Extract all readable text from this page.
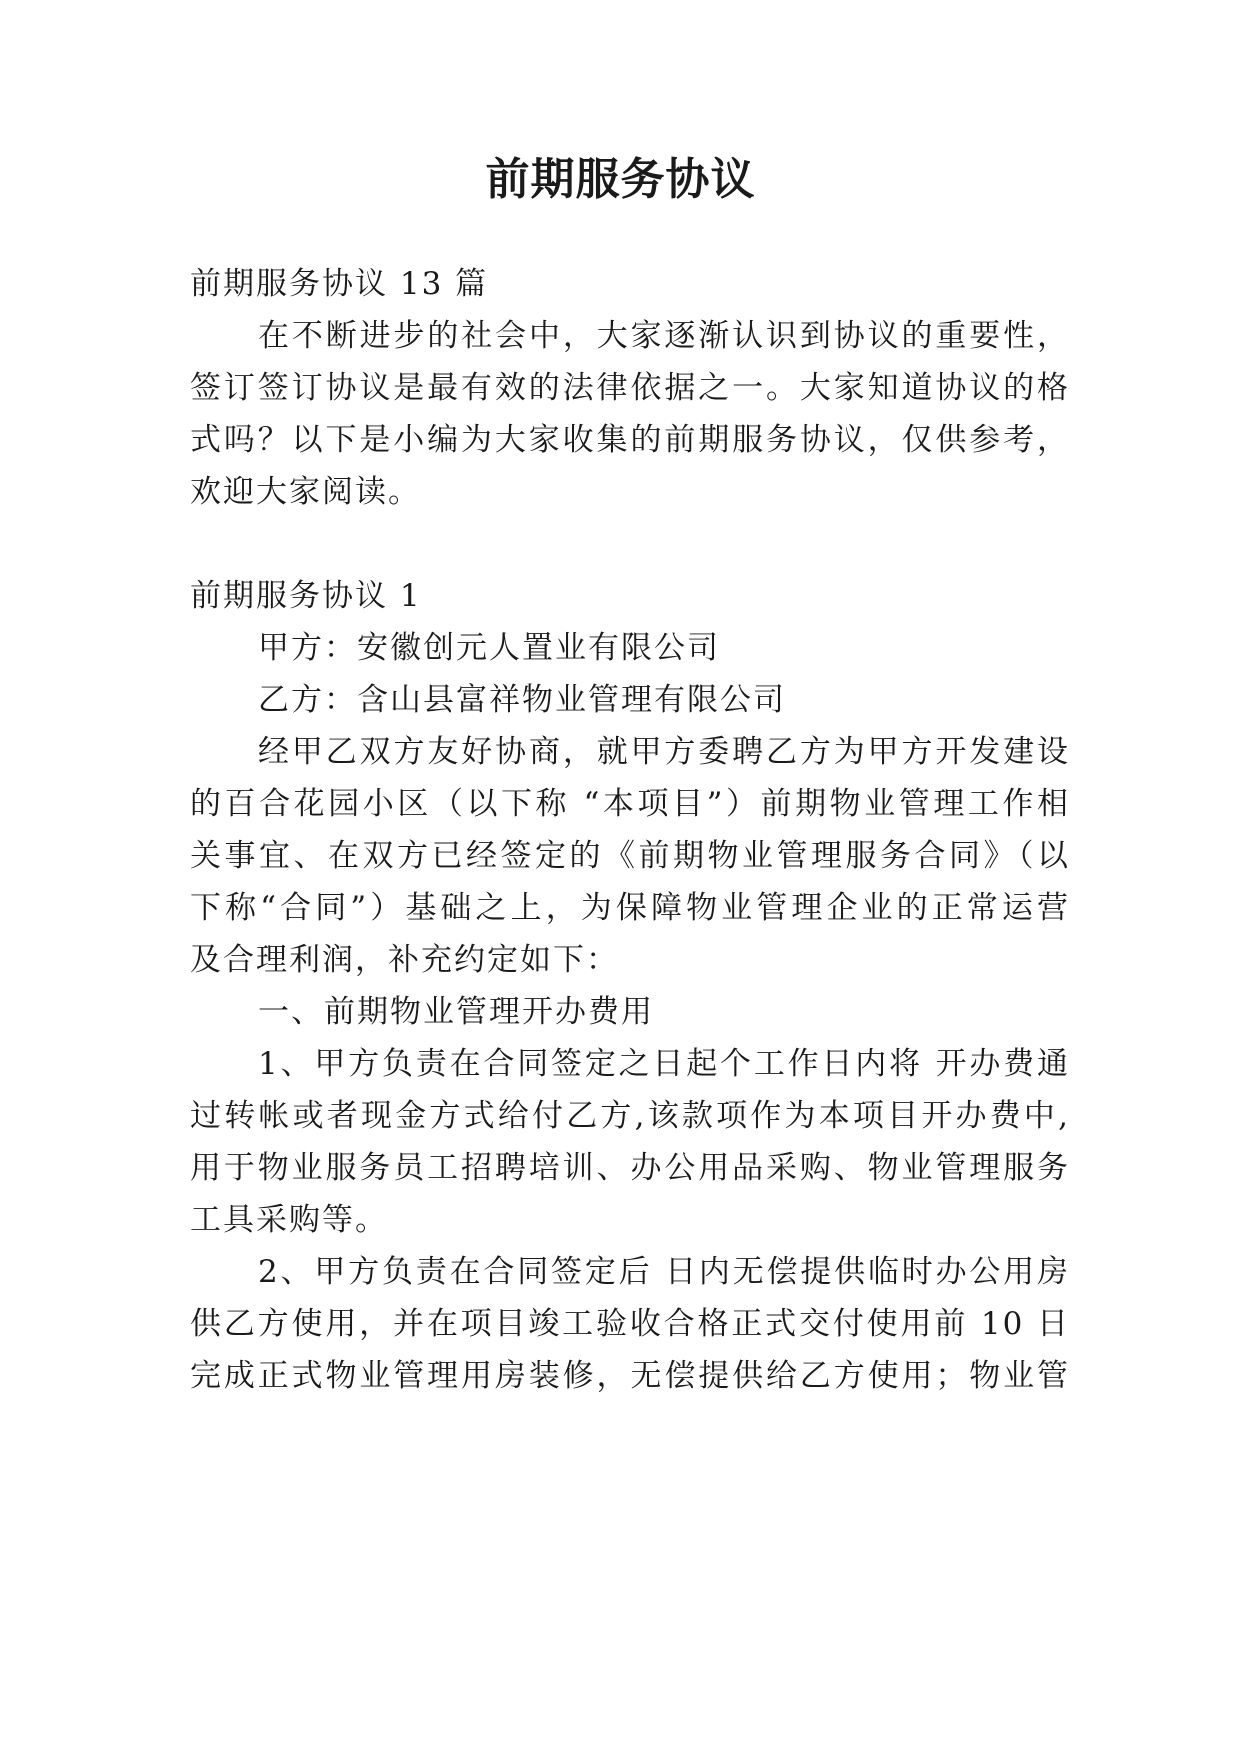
前期服务协议
前期服务协议 13 篇
在不断进步的社会中，大家逐渐认识到协议的重要性，
签订签订协议是最有效的法律依据之一。大家知道协议的格
式吗？以下是小编为大家收集的前期服务协议，仅供参考，
欢迎大家阅读。
前期服务协议 1
甲方：安徽创元人置业有限公司
乙方：含山县富祥物业管理有限公司
经甲乙双方友好协商，就甲方委聘乙方为甲方开发建设
的百合花园小区（以下称 “本项目”）前期物业管理工作相
关事宜、在双方已经签定的《前期物业管理服务合同》（以
下称“合同”）基础之上，为保障物业管理企业的正常运营
及合理利润，补充约定如下：
一、前期物业管理开办费用
1、甲方负责在合同签定之日起个工作日内将 开办费通
过转帐或者现金方式给付乙方,该款项作为本项目开办费中,
用于物业服务员工招聘培训、办公用品采购、物业管理服务
工具采购等。
2、甲方负责在合同签定后 日内无偿提供临时办公用房
供乙方使用，并在项目竣工验收合格正式交付使用前 10 日
完成正式物业管理用房装修，无偿提供给乙方使用；物业管
